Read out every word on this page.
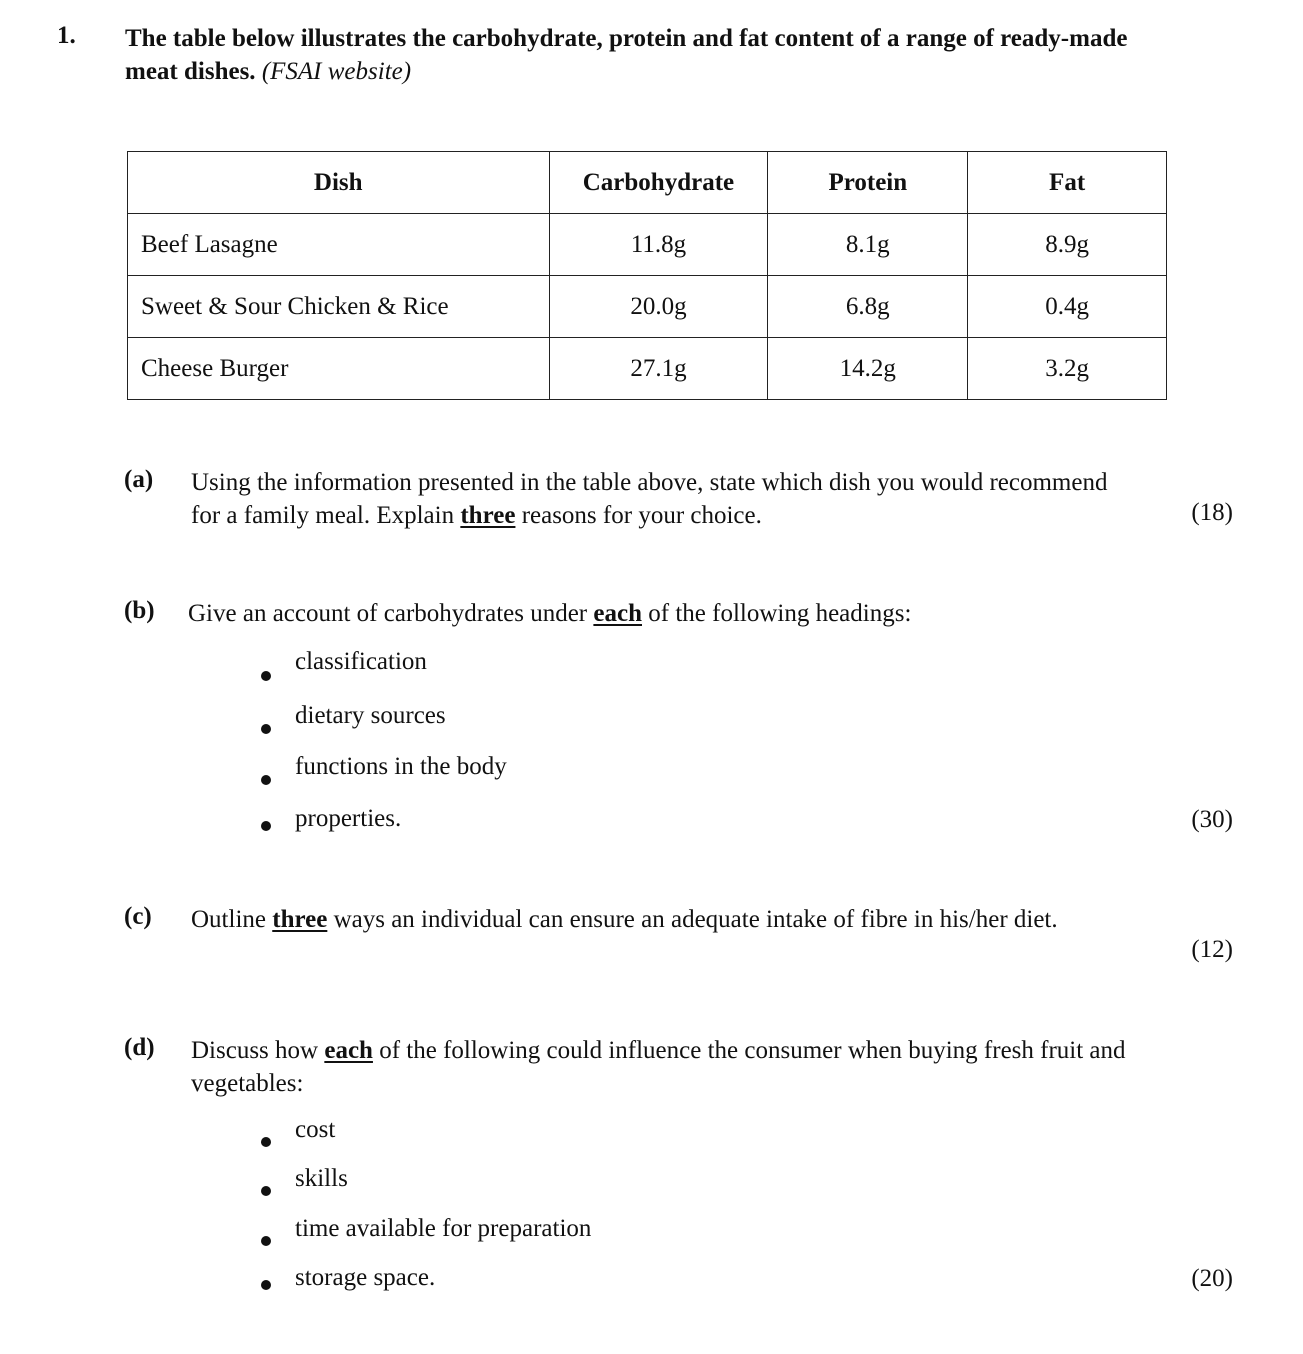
1. The table below illustrates the carbohydrate, protein and fat content of a range of ready-made meat dishes. (FSAI website)
Dish	Carbohydrate	Protein	Fat
Beef Lasagne	11.8g	8.1g	8.9g
Sweet & Sour Chicken & Rice	20.0g	6.8g	0.4g
Cheese Burger	27.1g	14.2g	3.2g
(a) Using the information presented in the table above, state which dish you would recommend for a family meal. Explain three reasons for your choice.	(18)
(b) Give an account of carbohydrates under each of the following headings:
classification
dietary sources
functions in the body
properties.	(30)
(c) Outline three ways an individual can ensure an adequate intake of fibre in his/her diet.
(12)
(d) Discuss how each of the following could influence the consumer when buying fresh fruit and vegetables:
cost
skills
time available for preparation
storage space.	(20)
